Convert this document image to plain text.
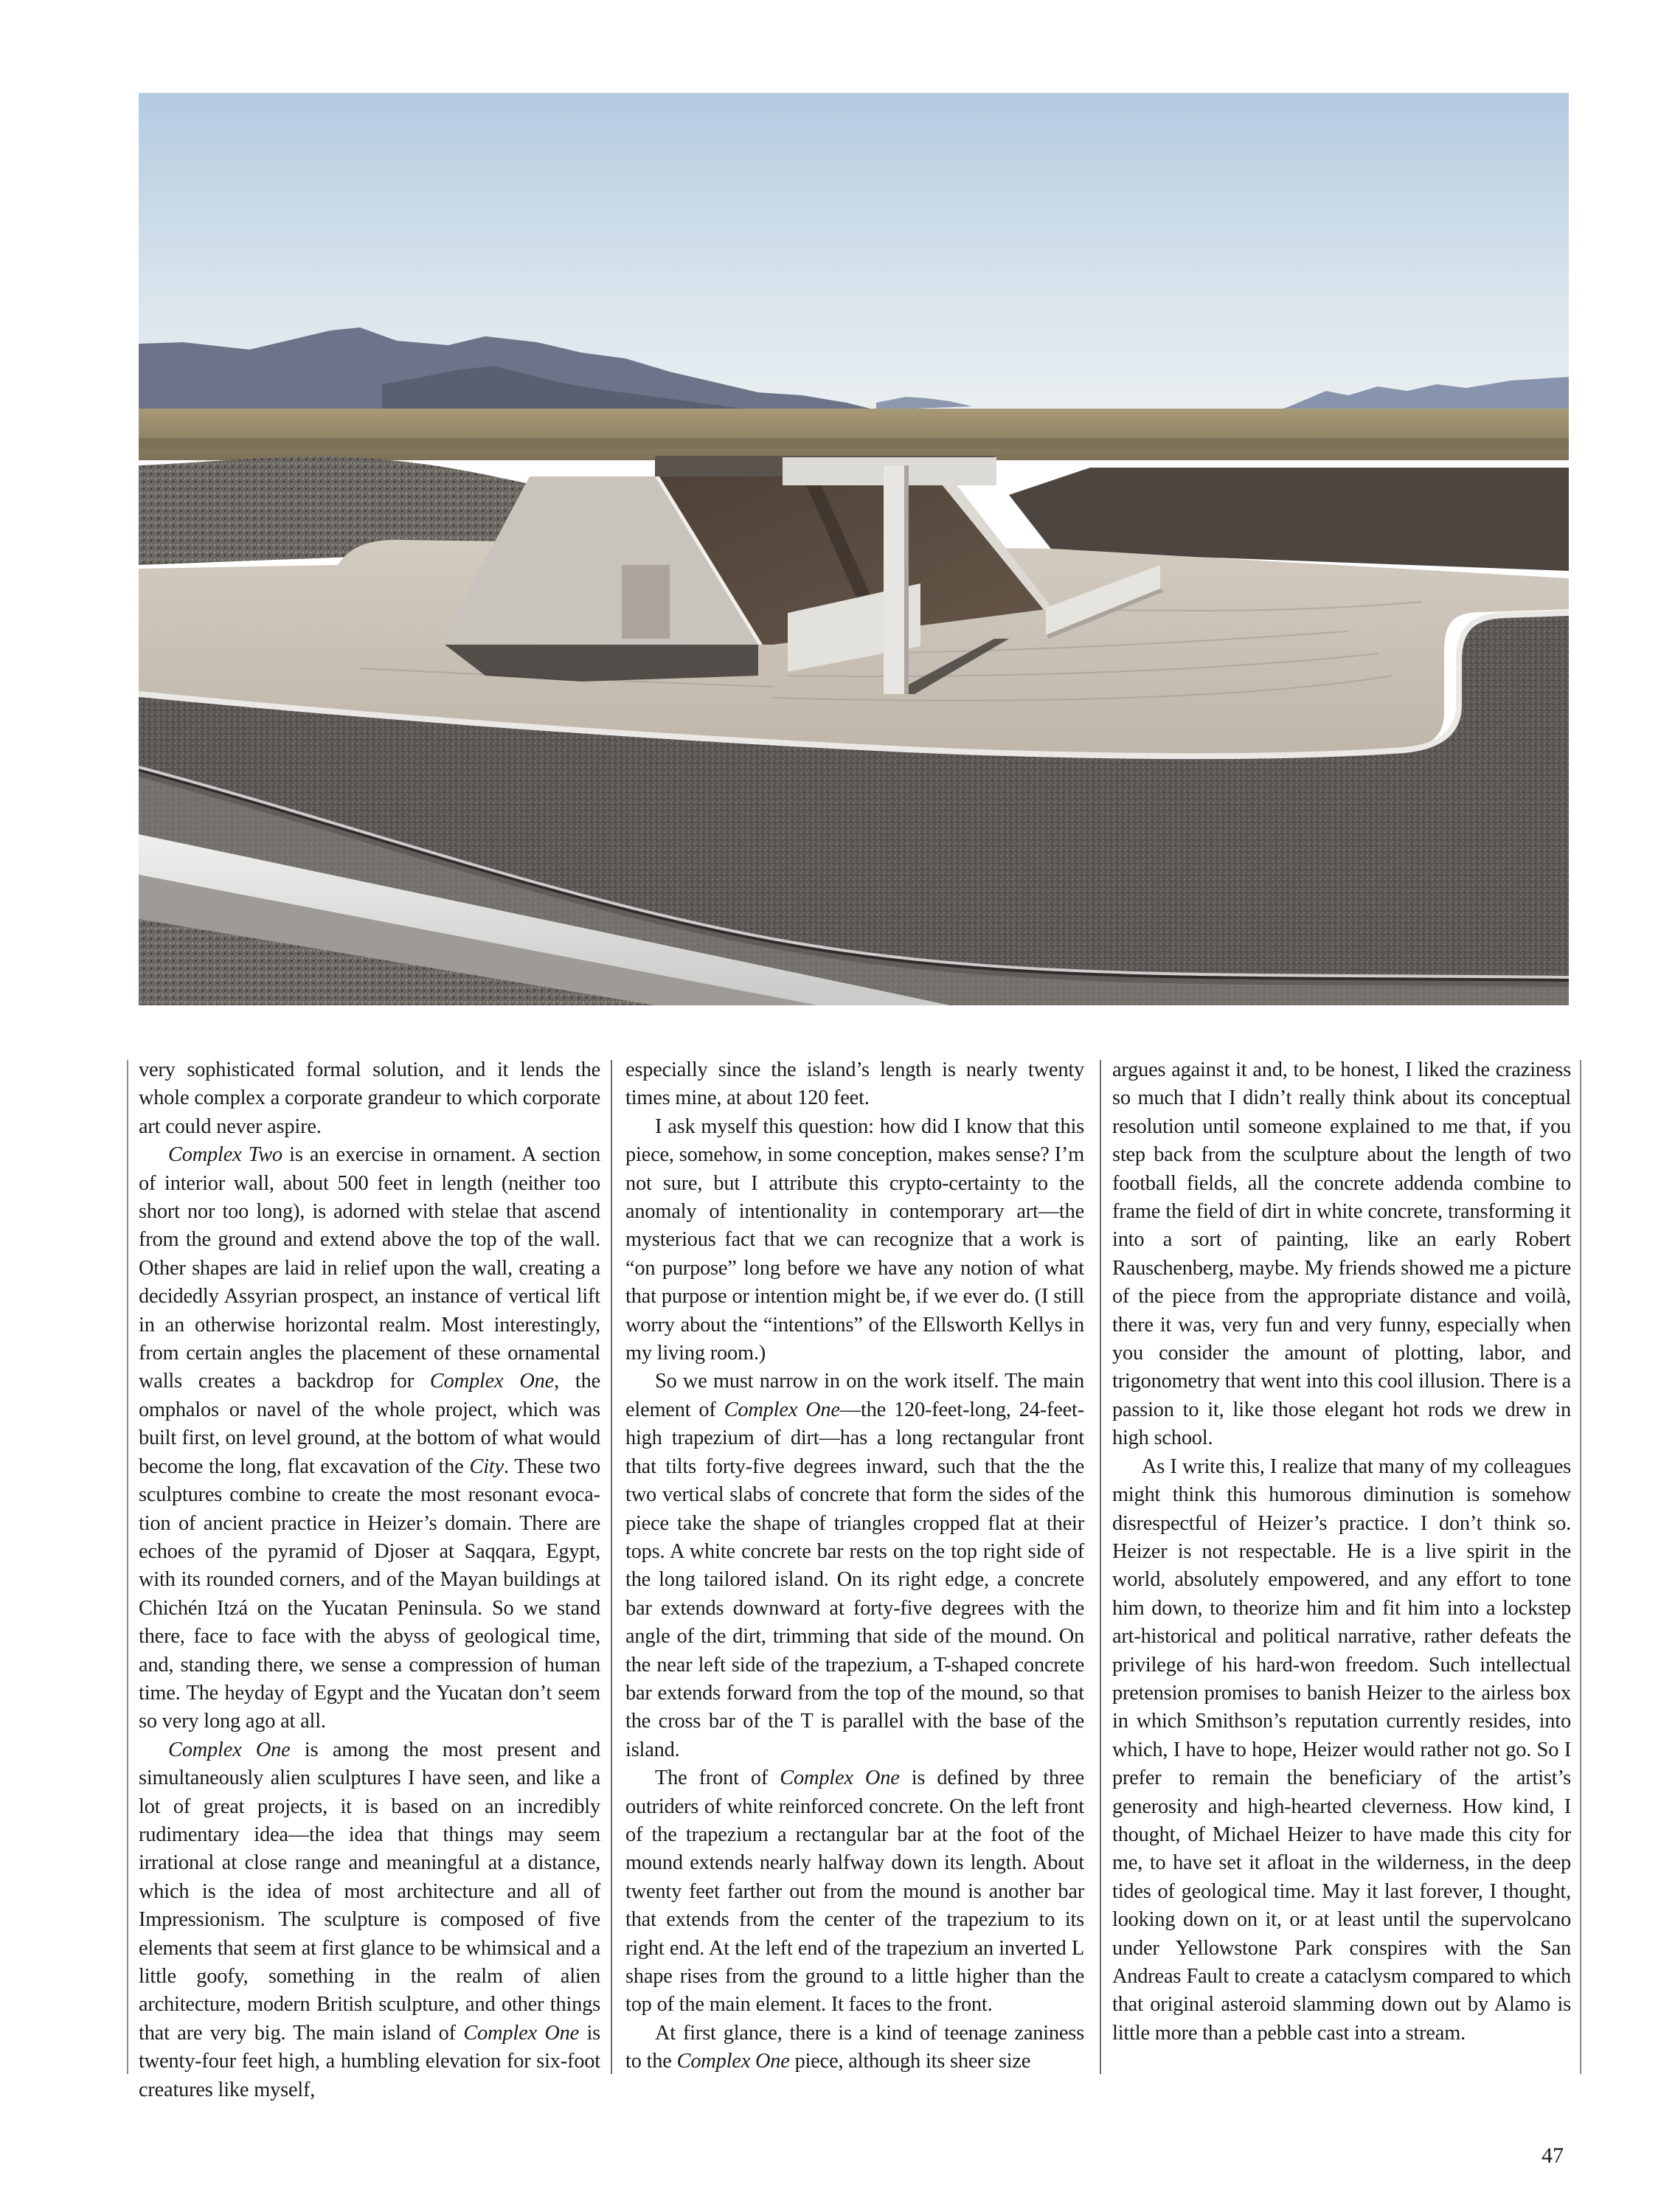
very sophisticated formal solution, and it lends the whole complex a corporate grandeur to which corporate art could never aspire.

Complex Two is an exercise in ornament. A section of interior wall, about 500 feet in length (neither too short nor too long), is adorned with stelae that ascend from the ground and extend above the top of the wall. Other shapes are laid in relief upon the wall, creating a decidedly Assyrian prospect, an instance of vertical lift in an otherwise horizontal realm. Most interestingly, from certain angles the placement of these ornamental walls creates a backdrop for Complex One, the omphalos or navel of the whole project, which was built first, on level ground, at the bottom of what would become the long, flat excavation of the City. These two sculptures combine to create the most resonant evocation of ancient practice in Heizer’s domain. There are echoes of the pyramid of Djoser at Saqqara, Egypt, with its rounded corners, and of the Mayan buildings at Chichén Itzá on the Yucatan Peninsula. So we stand there, face to face with the abyss of geological time, and, standing there, we sense a compression of human time. The heyday of Egypt and the Yucatan don’t seem so very long ago at all.

Complex One is among the most present and simultaneously alien sculptures I have seen, and like a lot of great projects, it is based on an incredibly rudimentary idea—the idea that things may seem irrational at close range and meaningful at a distance, which is the idea of most architecture and all of Impressionism. The sculpture is composed of five elements that seem at first glance to be whimsical and a little goofy, something in the realm of alien architecture, modern British sculpture, and other things that are very big. The main island of Complex One is twenty-four feet high, a humbling elevation for six-foot creatures like myself,

especially since the island’s length is nearly twenty times mine, at about 120 feet.

I ask myself this question: how did I know that this piece, somehow, in some conception, makes sense? I’m not sure, but I attribute this crypto-certainty to the anomaly of intentionality in contemporary art—the mysterious fact that we can recognize that a work is “on purpose” long before we have any notion of what that purpose or intention might be, if we ever do. (I still worry about the “intentions” of the Ellsworth Kellys in my living room.)

So we must narrow in on the work itself. The main element of Complex One—the 120-feet-long, 24-feet-high trapezium of dirt—has a long rectangular front that tilts forty-five degrees inward, such that the the two vertical slabs of concrete that form the sides of the piece take the shape of triangles cropped flat at their tops. A white concrete bar rests on the top right side of the long tailored island. On its right edge, a concrete bar extends downward at forty-five degrees with the angle of the dirt, trimming that side of the mound. On the near left side of the trapezium, a T-shaped concrete bar extends forward from the top of the mound, so that the cross bar of the T is parallel with the base of the island.

The front of Complex One is defined by three outriders of white reinforced concrete. On the left front of the trapezium a rectangular bar at the foot of the mound extends nearly halfway down its length. About twenty feet farther out from the mound is another bar that extends from the center of the trapezium to its right end. At the left end of the trapezium an inverted L shape rises from the ground to a little higher than the top of the main element. It faces to the front.

At first glance, there is a kind of teenage zaniness to the Complex One piece, although its sheer size

argues against it and, to be honest, I liked the craziness so much that I didn’t really think about its conceptual resolution until someone explained to me that, if you step back from the sculpture about the length of two football fields, all the concrete addenda combine to frame the field of dirt in white concrete, transforming it into a sort of painting, like an early Robert Rauschenberg, maybe. My friends showed me a picture of the piece from the appropriate distance and voilà, there it was, very fun and very funny, especially when you consider the amount of plotting, labor, and trigonometry that went into this cool illusion. There is a passion to it, like those elegant hot rods we drew in high school.

As I write this, I realize that many of my colleagues might think this humorous diminution is somehow disrespectful of Heizer’s practice. I don’t think so. Heizer is not respectable. He is a live spirit in the world, absolutely empowered, and any effort to tone him down, to theorize him and fit him into a lockstep art-historical and political narrative, rather defeats the privilege of his hard-won freedom. Such intellectual pretension promises to banish Heizer to the airless box in which Smithson’s reputation currently resides, into which, I have to hope, Heizer would rather not go. So I prefer to remain the beneficiary of the artist’s generosity and high-hearted cleverness. How kind, I thought, of Michael Heizer to have made this city for me, to have set it afloat in the wilderness, in the deep tides of geological time. May it last forever, I thought, looking down on it, or at least until the supervolcano under Yellowstone Park conspires with the San Andreas Fault to create a cataclysm compared to which that original asteroid slamming down out by Alamo is little more than a pebble cast into a stream.

47
